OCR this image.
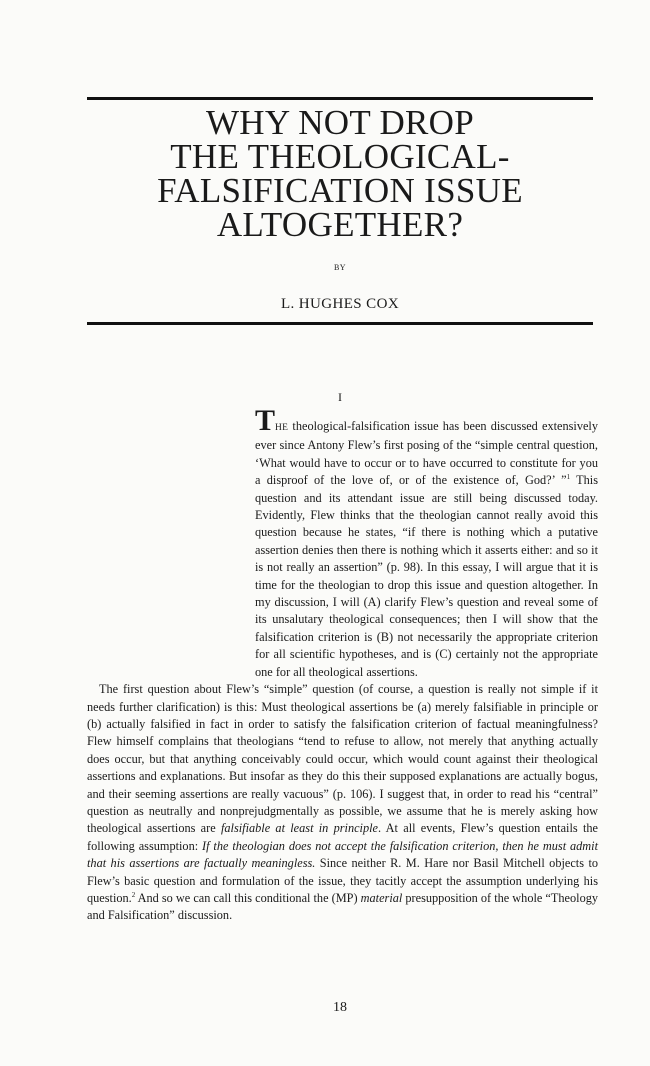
WHY NOT DROP
THE THEOLOGICAL-
FALSIFICATION ISSUE
ALTOGETHER?
BY
L. HUGHES COX
I

THE theological-falsification issue has been discussed extensively ever since Antony Flew’s first posing of the “simple central question, ‘What would have to occur or to have occurred to constitute for you a disproof of the love of, or of the existence of, God?’ ”$^1$ This question and its attendant issue are still being discussed today. Evidently, Flew thinks that the theologian cannot really avoid this question because he states, “if there is nothing which a putative assertion denies then there is nothing which it asserts either: and so it is not really an assertion” (p. 98). In this essay, I will argue that it is time for the theologian to drop this issue and question altogether. In my discussion, I will (A) clarify Flew’s question and reveal some of its unsalutary theological consequences; then I will show that the falsification criterion is (B) not necessarily the appropriate criterion for all scientific hypotheses, and is (C) certainly not the appropriate one for all theological assertions.

The first question about Flew’s “simple” question (of course, a question is really not simple if it needs further clarification) is this: Must theological assertions be (a) merely falsifiable in principle or (b) actually falsified in fact in order to satisfy the falsification criterion of factual meaningfulness? Flew himself complains that theologians “tend to refuse to allow, not merely that anything actually does occur, but that anything conceivably could occur, which would count against their theological assertions and explanations. But insofar as they do this their supposed explanations are actually bogus, and their seeming assertions are really vacuous” (p. 106). I suggest that, in order to read his “central” question as neutrally and nonprejudgmentally as possible, we assume that he is merely asking how theological assertions are falsifiable at least in principle. At all events, Flew’s question entails the following assumption: If the theologian does not accept the falsification criterion, then he must admit that his assertions are factually meaningless. Since neither R. M. Hare nor Basil Mitchell objects to Flew’s basic question and formulation of the issue, they tacitly accept the assumption underlying his question.$^2$ And so we can call this conditional the (MP) material presupposition of the whole “Theology and Falsification” discussion.

18
